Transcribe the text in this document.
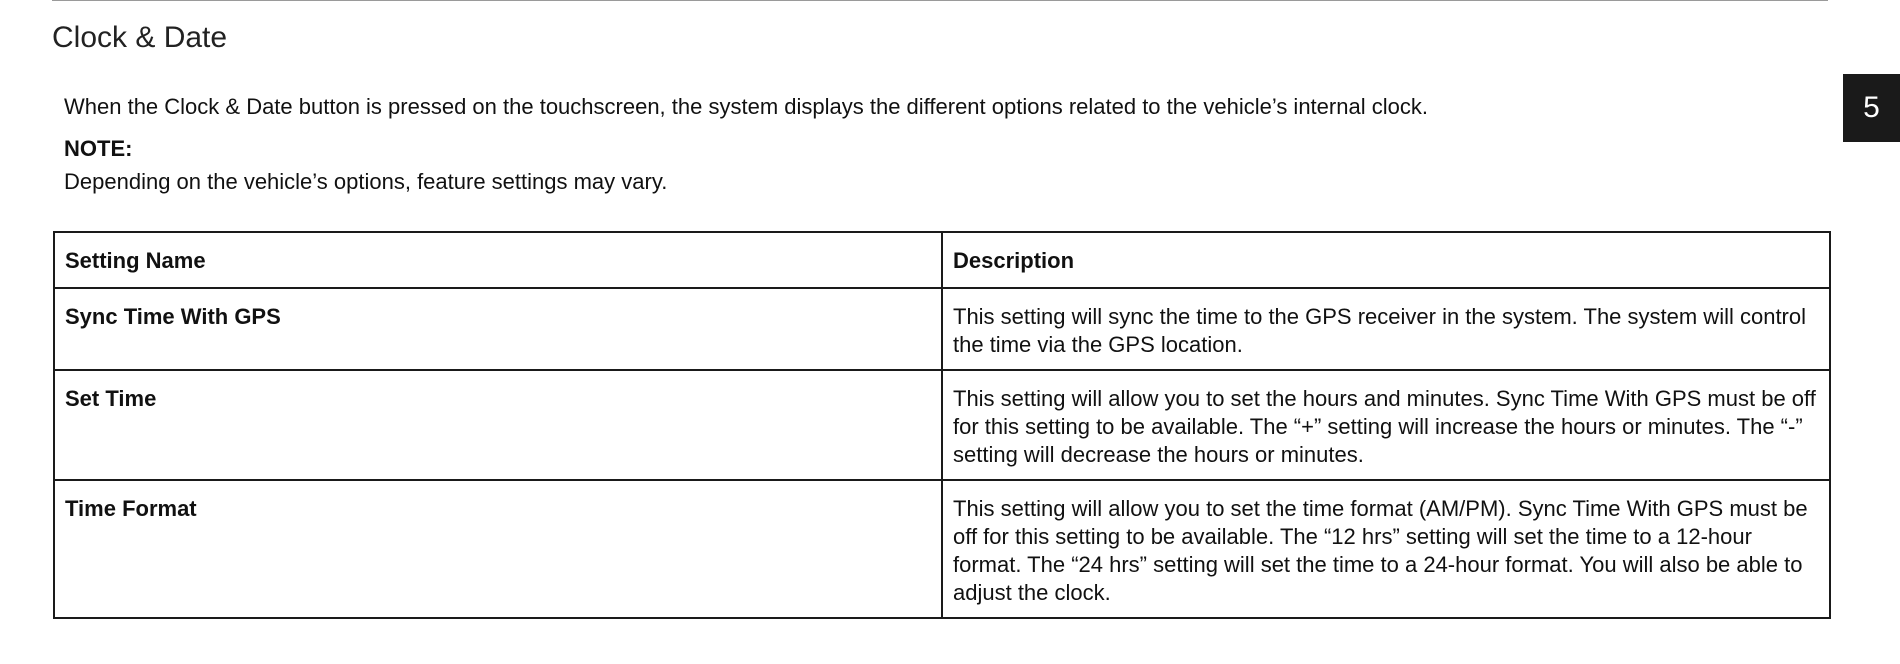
Clock & Date
5

When the Clock & Date button is pressed on the touchscreen, the system displays the different options related to the vehicle’s internal clock.

NOTE:

Depending on the vehicle’s options, feature settings may vary.

Setting Name	Description
Sync Time With GPS	This setting will sync the time to the GPS receiver in the system. The system will control the time via the GPS location.
Set Time	This setting will allow you to set the hours and minutes. Sync Time With GPS must be off for this setting to be available. The “+” setting will increase the hours or minutes. The “-” setting will decrease the hours or minutes.
Time Format	This setting will allow you to set the time format (AM/PM). Sync Time With GPS must be off for this setting to be available. The “12 hrs” setting will set the time to a 12-hour format. The “24 hrs” setting will set the time to a 24-hour format. You will also be able to adjust the clock.
